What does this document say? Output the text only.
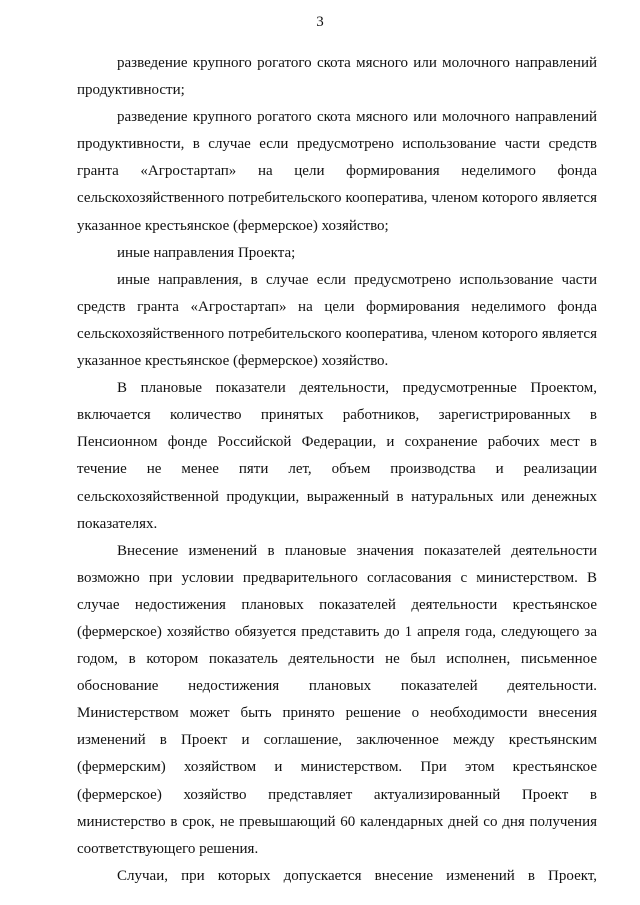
3

разведение крупного рогатого скота мясного или молочного направлений продуктивности;

разведение крупного рогатого скота мясного или молочного направлений продуктивности, в случае если предусмотрено использование части средств гранта «Агростартап» на цели формирования неделимого фонда сельскохозяйственного потребительского кооператива, членом которого является указанное крестьянское (фермерское) хозяйство;

иные направления Проекта;

иные направления, в случае если предусмотрено использование части средств гранта «Агростартап» на цели формирования неделимого фонда сельскохозяйственного потребительского кооператива, членом которого является указанное крестьянское (фермерское) хозяйство.

В плановые показатели деятельности, предусмотренные Проектом, включается количество принятых работников, зарегистрированных в Пенсионном фонде Российской Федерации, и сохранение рабочих мест в течение не менее пяти лет, объем производства и реализации сельскохозяйственной продукции, выраженный в натуральных или денежных показателях.

Внесение изменений в плановые значения показателей деятельности возможно при условии предварительного согласования с министерством. В случае недостижения плановых показателей деятельности крестьянское (фермерское) хозяйство обязуется представить до 1 апреля года, следующего за годом, в котором показатель деятельности не был исполнен, письменное обоснование недостижения плановых показателей деятельности. Министерством может быть принято решение о необходимости внесения изменений в Проект и соглашение, заключенное между крестьянским (фермерским) хозяйством и министерством. При этом крестьянское (фермерское) хозяйство представляет актуализированный Проект в министерство в срок, не превышающий 60 календарных дней со дня получения соответствующего решения.

Случаи, при которых допускается внесение изменений в Проект,
